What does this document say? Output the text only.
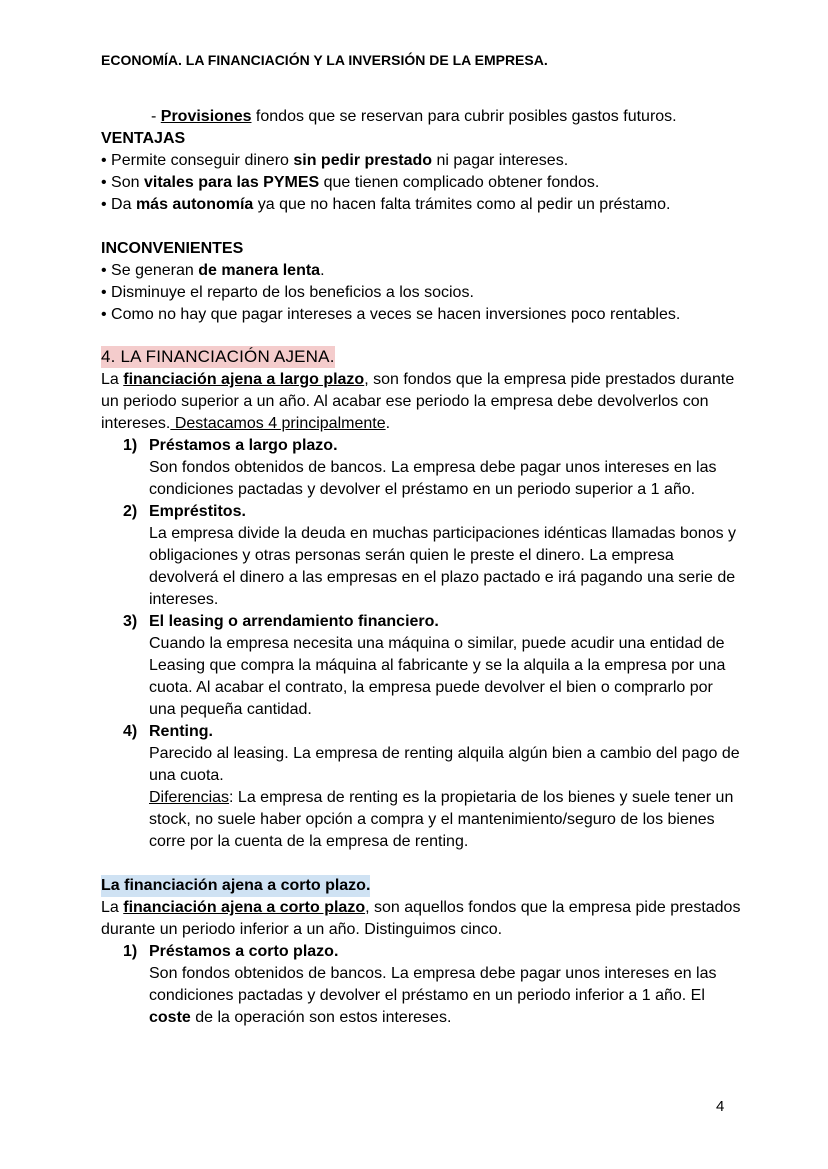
ECONOMÍA. LA FINANCIACIÓN Y LA INVERSIÓN DE LA EMPRESA.

- Provisiones fondos que se reservan para cubrir posibles gastos futuros.

VENTAJAS

• Permite conseguir dinero sin pedir prestado ni pagar intereses.

• Son vitales para las PYMES que tienen complicado obtener fondos.

• Da más autonomía ya que no hacen falta trámites como al pedir un préstamo.

INCONVENIENTES

• Se generan de manera lenta.

• Disminuye el reparto de los beneficios a los socios.

• Como no hay que pagar intereses a veces se hacen inversiones poco rentables.

4. LA FINANCIACIÓN AJENA.

La financiación ajena a largo plazo, son fondos que la empresa pide prestados durante un periodo superior a un año. Al acabar ese periodo la empresa debe devolverlos con intereses. Destacamos 4 principalmente.

1) Préstamos a largo plazo.
Son fondos obtenidos de bancos. La empresa debe pagar unos intereses en las condiciones pactadas y devolver el préstamo en un periodo superior a 1 año.
2) Empréstitos.
La empresa divide la deuda en muchas participaciones idénticas llamadas bonos y obligaciones y otras personas serán quien le preste el dinero. La empresa devolverá el dinero a las empresas en el plazo pactado e irá pagando una serie de intereses.
3) El leasing o arrendamiento financiero.
Cuando la empresa necesita una máquina o similar, puede acudir una entidad de Leasing que compra la máquina al fabricante y se la alquila a la empresa por una cuota. Al acabar el contrato, la empresa puede devolver el bien o comprarlo por una pequeña cantidad.
4) Renting.
Parecido al leasing. La empresa de renting alquila algún bien a cambio del pago de una cuota.
Diferencias: La empresa de renting es la propietaria de los bienes y suele tener un stock, no suele haber opción a compra y el mantenimiento/seguro de los bienes corre por la cuenta de la empresa de renting.
La financiación ajena a corto plazo.

La financiación ajena a corto plazo, son aquellos fondos que la empresa pide prestados durante un periodo inferior a un año. Distinguimos cinco.

1) Préstamos a corto plazo.
Son fondos obtenidos de bancos. La empresa debe pagar unos intereses en las condiciones pactadas y devolver el préstamo en un periodo inferior a 1 año. El coste de la operación son estos intereses.
4
